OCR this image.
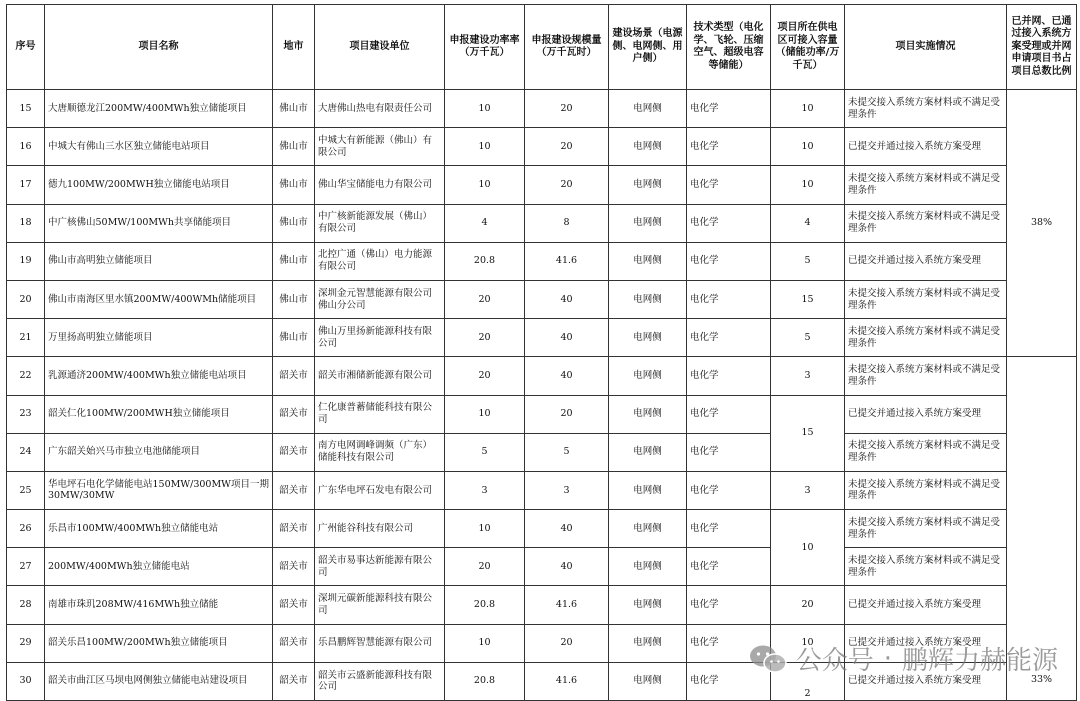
序号	项目名称	地市	项目建设单位	申报建设功率率（万千瓦）	申报建设规模量（万千瓦时）	建设场景（电源侧、电网侧、用户侧）	技术类型（电化学、飞轮、压缩空气、超级电容等储能）	项目所在供电区可接入容量（储能功率/万千瓦）	项目实施情况	已并网、已通过接入系统方案受理或并网申请项目书占项目总数比例
15	大唐顺德龙江200MW/400MWh独立储能项目	佛山市	大唐佛山热电有限责任公司	10	20	电网侧	电化学	10	未提交接入系统方案材料或不满足受理条件	38%
16	中城大有佛山三水区独立储能电站项目	佛山市	中城大有新能源（佛山）有限公司	10	20	电网侧	电化学	10	已提交并通过接入系统方案受理	
17	德九100MW/200MWH独立储能电站项目	佛山市	佛山华宝储能电力有限公司	10	20	电网侧	电化学	10	未提交接入系统方案材料或不满足受理条件	
18	中广核佛山50MW/100MWh共享储能项目	佛山市	中广核新能源发展（佛山）有限公司	4	8	电网侧	电化学	4	未提交接入系统方案材料或不满足受理条件	
19	佛山市高明独立储能项目	佛山市	北控广通（佛山）电力能源有限公司	20.8	41.6	电网侧	电化学	5	已提交并通过接入系统方案受理	
20	佛山市南海区里水镇200MW/400WMh储能项目	佛山市	深圳金元智慧能源有限公司佛山分公司	20	40	电网侧	电化学	15	未提交接入系统方案材料或不满足受理条件	
21	万里扬高明独立储能项目	佛山市	佛山万里扬新能源科技有限公司	20	40	电网侧	电化学	5	未提交接入系统方案材料或不满足受理条件	
22	乳源通济200MW/400MWh独立储能电站项目	韶关市	韶关市湘储新能源有限公司	20	40	电网侧	电化学	3	未提交接入系统方案材料或不满足受理条件	33%
23	韶关仁化100MW/200MWH独立储能项目	韶关市	仁化康普蓄储能科技有限公司	10	20	电网侧	电化学	15	已提交并通过接入系统方案受理	
24	广东韶关始兴马市独立电池储能项目	韶关市	南方电网调峰调频（广东）储能科技有限公司	5	5	电网侧	电化学		未提交接入系统方案材料或不满足受理条件	
25	华电坪石电化学储能电站150MW/300MW项目一期30MW/30MW	韶关市	广东华电坪石发电有限公司	3	3	电网侧	电化学	3	未提交接入系统方案材料或不满足受理条件	
26	乐昌市100MW/400MWh独立储能电站	韶关市	广州能谷科技有限公司	10	40	电网侧	电化学	10	未提交接入系统方案材料或不满足受理条件	
27	200MW/400MWh独立储能电站	韶关市	韶关市易事达新能源有限公司	20	40	电网侧	电化学		未提交接入系统方案材料或不满足受理条件	
28	南雄市珠玑208MW/416MWh独立储能	韶关市	深圳元碳新能源科技有限公司	20.8	41.6	电网侧	电化学	20	已提交并通过接入系统方案受理	
29	韶关乐昌100MW/200MWh独立储能项目	韶关市	乐昌鹏辉智慧能源有限公司	10	20	电网侧	电化学	10	已提交并通过接入系统方案受理	
30	韶关市曲江区马坝电网侧独立储能电站建设项目	韶关市	韶关市云盛新能源科技有限公司	20.8	41.6	电网侧	电化学	2	已提交并通过接入系统方案受理	
公众号 · 鹏辉力赫能源
